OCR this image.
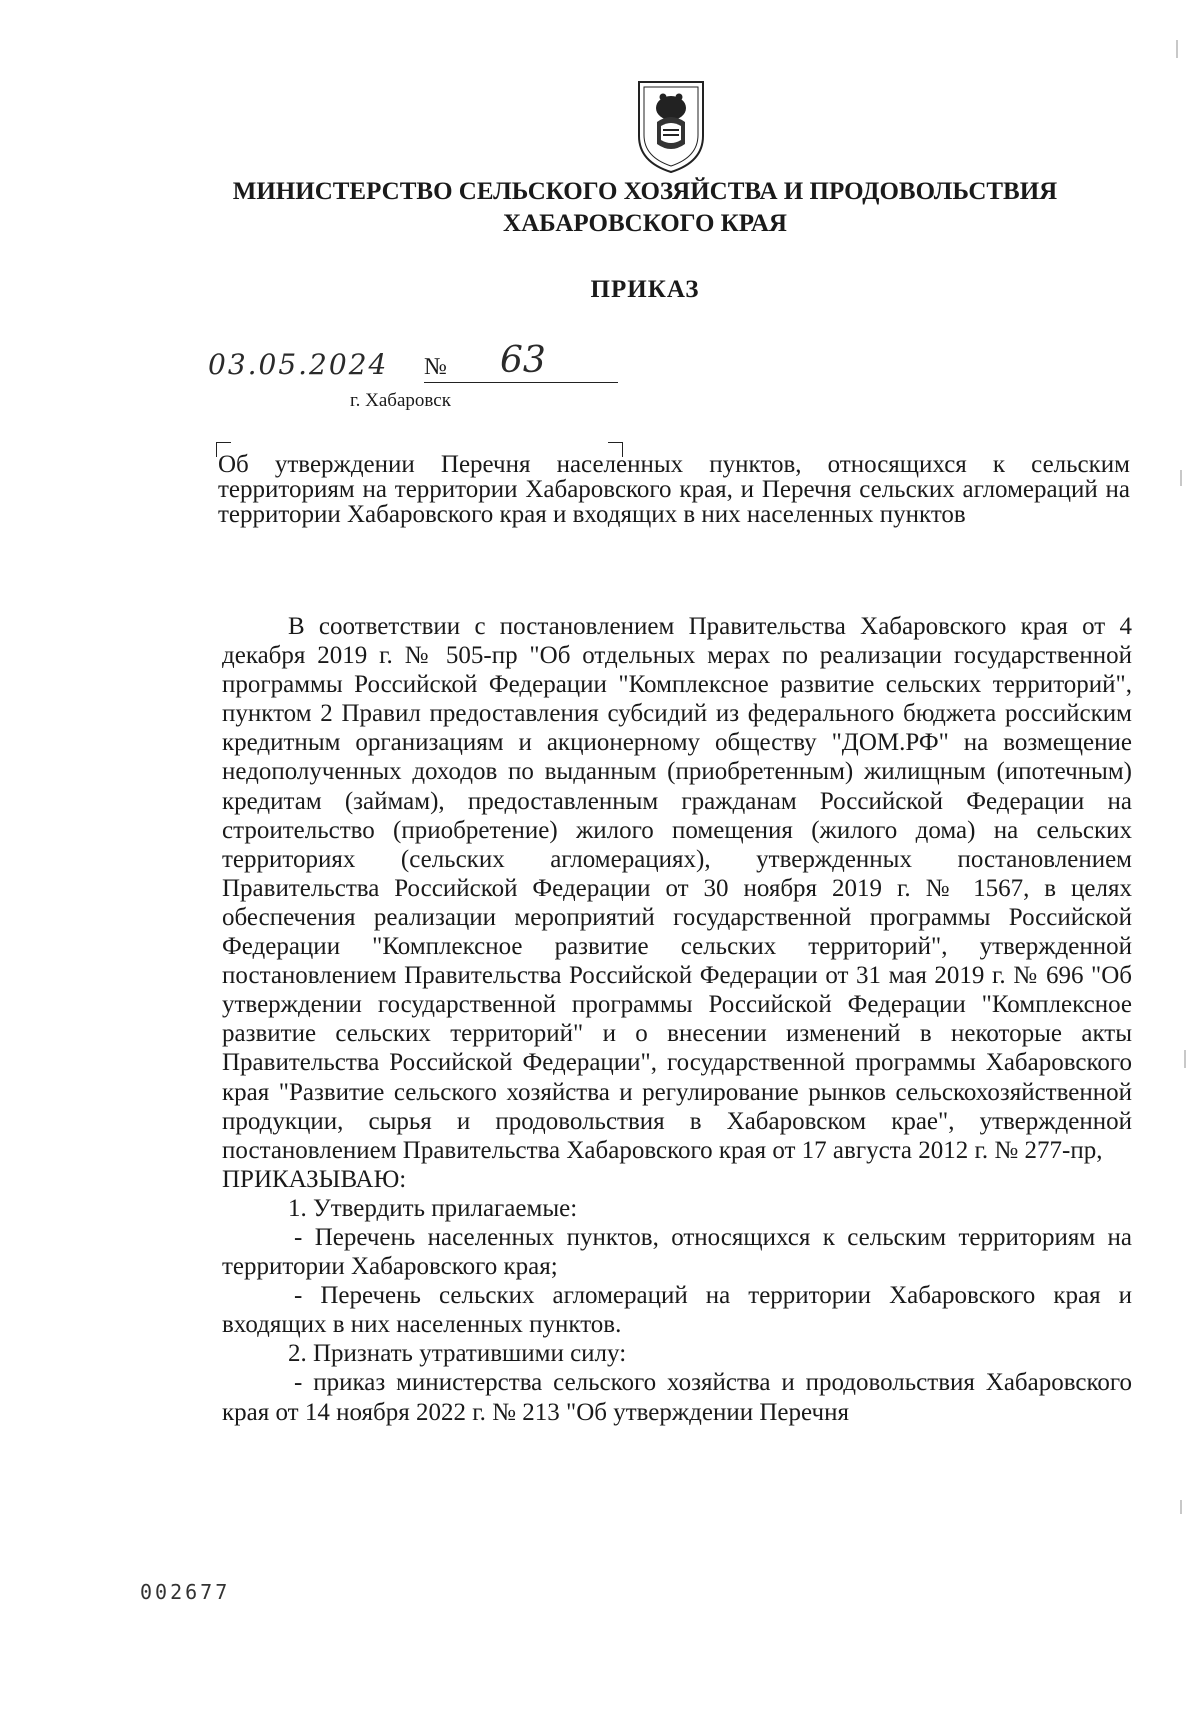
МИНИСТЕРСТВО СЕЛЬСКОГО ХОЗЯЙСТВА И ПРОДОВОЛЬСТВИЯ
ХАБАРОВСКОГО КРАЯ
ПРИКАЗ
03.05.2024 № 63
г. Хабаровск
Об утверждении Перечня населенных пунктов, относящихся к сельским территориям на территории Хабаровского края, и Перечня сельских агломераций на территории Хабаровского края и входящих в них населенных пунктов

В соответствии с постановлением Правительства Хабаровского края от 4 декабря 2019 г. № 505-пр "Об отдельных мерах по реализации государственной программы Российской Федерации "Комплексное развитие сельских территорий", пунктом 2 Правил предоставления субсидий из федерального бюджета российским кредитным организациям и акционерному обществу "ДОМ.РФ" на возмещение недополученных доходов по выданным (приобретенным) жилищным (ипотечным) кредитам (займам), предоставленным гражданам Российской Федерации на строительство (приобретение) жилого помещения (жилого дома) на сельских территориях (сельских агломерациях), утвержденных постановлением Правительства Российской Федерации от 30 ноября 2019 г. № 1567, в целях обеспечения реализации мероприятий государственной программы Российской Федерации "Комплексное развитие сельских территорий", утвержденной постановлением Правительства Российской Федерации от 31 мая 2019 г. № 696 "Об утверждении государственной программы Российской Федерации "Комплексное развитие сельских территорий" и о внесении изменений в некоторые акты Правительства Российской Федерации", государственной программы Хабаровского края "Развитие сельского хозяйства и регулирование рынков сельскохозяйственной продукции, сырья и продовольствия в Хабаровском крае", утвержденной постановлением Правительства Хабаровского края от 17 августа 2012 г. № 277-пр,

ПРИКАЗЫВАЮ:

1. Утвердить прилагаемые:

- Перечень населенных пунктов, относящихся к сельским территориям на территории Хабаровского края;

- Перечень сельских агломераций на территории Хабаровского края и входящих в них населенных пунктов.

2. Признать утратившими силу:

- приказ министерства сельского хозяйства и продовольствия Хабаровского края от 14 ноября 2022 г. № 213 "Об утверждении Перечня

002677
